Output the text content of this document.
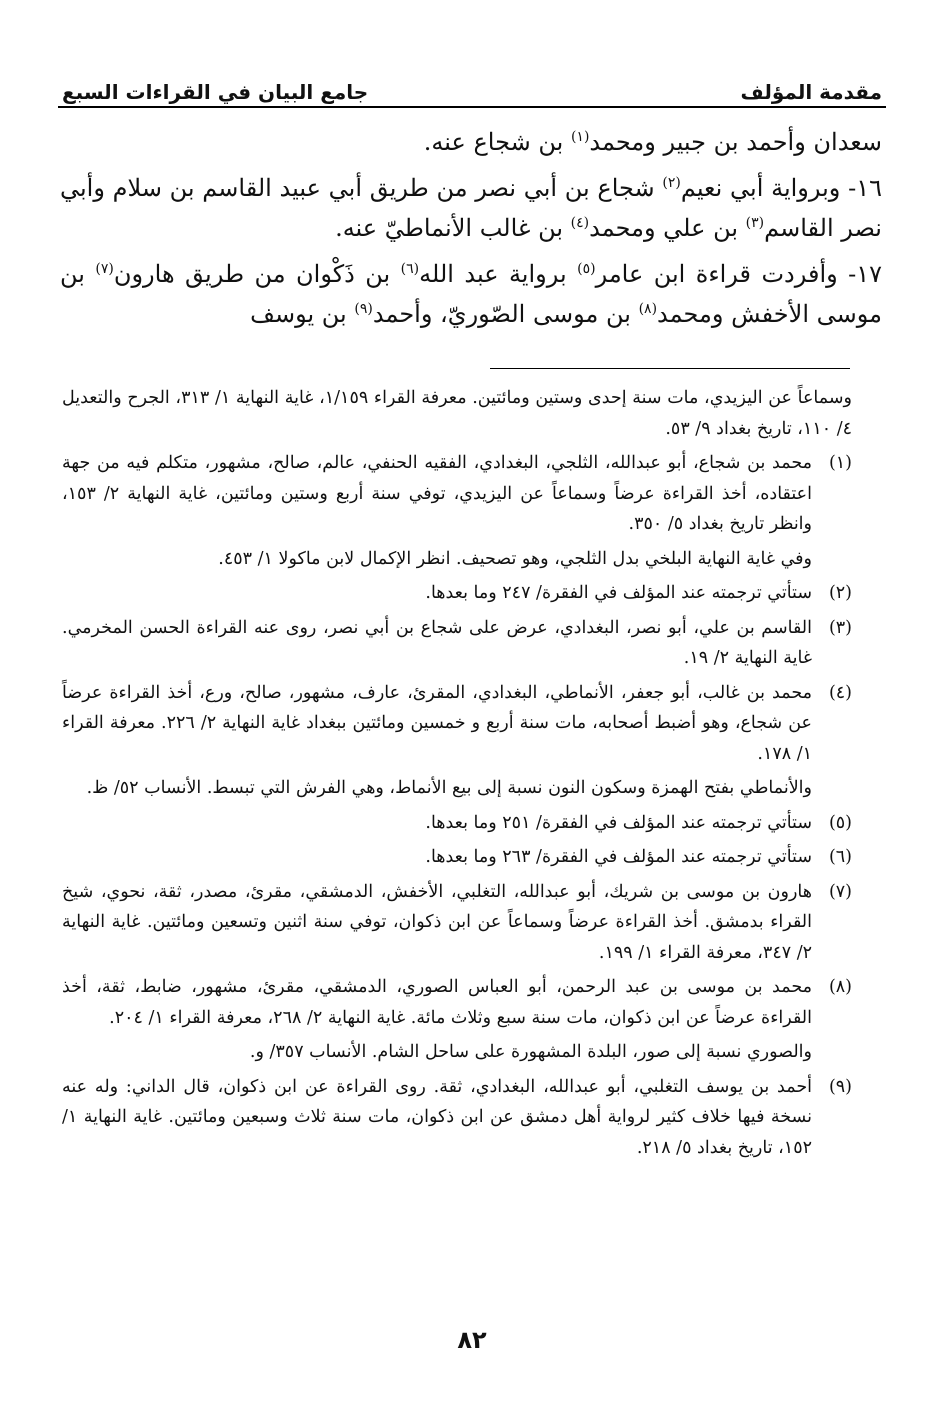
مقدمة المؤلف
جامع البيان في القراءات السبع

سعدان وأحمد بن جبير ومحمد$^{(١)}$ بن شجاع عنه.

١٦- وبرواية أبي نعيم$^{(٢)}$ شجاع بن أبي نصر من طريق أبي عبيد القاسم بن سلام وأبي نصر القاسم$^{(٣)}$ بن علي ومحمد$^{(٤)}$ بن غالب الأنماطيّ عنه.

١٧- وأفردت قراءة ابن عامر$^{(٥)}$ برواية عبد الله$^{(٦)}$ بن ذَكْوان من طريق هارون$^{(٧)}$ بن موسى الأخفش ومحمد$^{(٨)}$ بن موسى الصّوريّ، وأحمد$^{(٩)}$ بن يوسف

وسماعاً عن اليزيدي، مات سنة إحدى وستين ومائتين. معرفة القراء ١/١٥٩، غاية النهاية ١/ ٣١٣، الجرح والتعديل ٤/ ١١٠، تاريخ بغداد ٩/ ٥٣.

(١)
محمد بن شجاع، أبو عبدالله، الثلجي، البغدادي، الفقيه الحنفي، عالم، صالح، مشهور، متكلم فيه من جهة اعتقاده، أخذ القراءة عرضاً وسماعاً عن اليزيدي، توفي سنة أربع وستين ومائتين، غاية النهاية ٢/ ١٥٣، وانظر تاريخ بغداد ٥/ ٣٥٠.

وفي غاية النهاية البلخي بدل الثلجي، وهو تصحيف. انظر الإكمال لابن ماكولا ١/ ٤٥٣.

(٢)
ستأتي ترجمته عند المؤلف في الفقرة/ ٢٤٧ وما بعدها.
(٣)
القاسم بن علي، أبو نصر، البغدادي، عرض على شجاع بن أبي نصر، روى عنه القراءة الحسن المخرمي. غاية النهاية ٢/ ١٩.
(٤)
محمد بن غالب، أبو جعفر، الأنماطي، البغدادي، المقرئ، عارف، مشهور، صالح، ورع، أخذ القراءة عرضاً عن شجاع، وهو أضبط أصحابه، مات سنة أربع و خمسين ومائتين ببغداد غاية النهاية ٢/ ٢٢٦. معرفة القراء ١/ ١٧٨.

والأنماطي بفتح الهمزة وسكون النون نسبة إلى بيع الأنماط، وهي الفرش التي تبسط. الأنساب ٥٢/ ظ.

(٥)
ستأتي ترجمته عند المؤلف في الفقرة/ ٢٥١ وما بعدها.
(٦)
ستأتي ترجمته عند المؤلف في الفقرة/ ٢٦٣ وما بعدها.
(٧)
هارون بن موسى بن شريك، أبو عبدالله، التغلبي، الأخفش، الدمشقي، مقرئ، مصدر، ثقة، نحوي، شيخ القراء بدمشق. أخذ القراءة عرضاً وسماعاً عن ابن ذكوان، توفي سنة اثنين وتسعين ومائتين. غاية النهاية ٢/ ٣٤٧، معرفة القراء ١/ ١٩٩.
(٨)
محمد بن موسى بن عبد الرحمن، أبو العباس الصوري، الدمشقي، مقرئ، مشهور، ضابط، ثقة، أخذ القراءة عرضاً عن ابن ذكوان، مات سنة سبع وثلاث مائة. غاية النهاية ٢/ ٢٦٨، معرفة القراء ١/ ٢٠٤.

والصوري نسبة إلى صور، البلدة المشهورة على ساحل الشام. الأنساب ٣٥٧/ و.

(٩)
أحمد بن يوسف التغلبي، أبو عبدالله، البغدادي، ثقة. روى القراءة عن ابن ذكوان، قال الداني: وله عنه نسخة فيها خلاف كثير لرواية أهل دمشق عن ابن ذكوان، مات سنة ثلاث وسبعين ومائتين. غاية النهاية ١/ ١٥٢، تاريخ بغداد ٥/ ٢١٨.
٨٢
